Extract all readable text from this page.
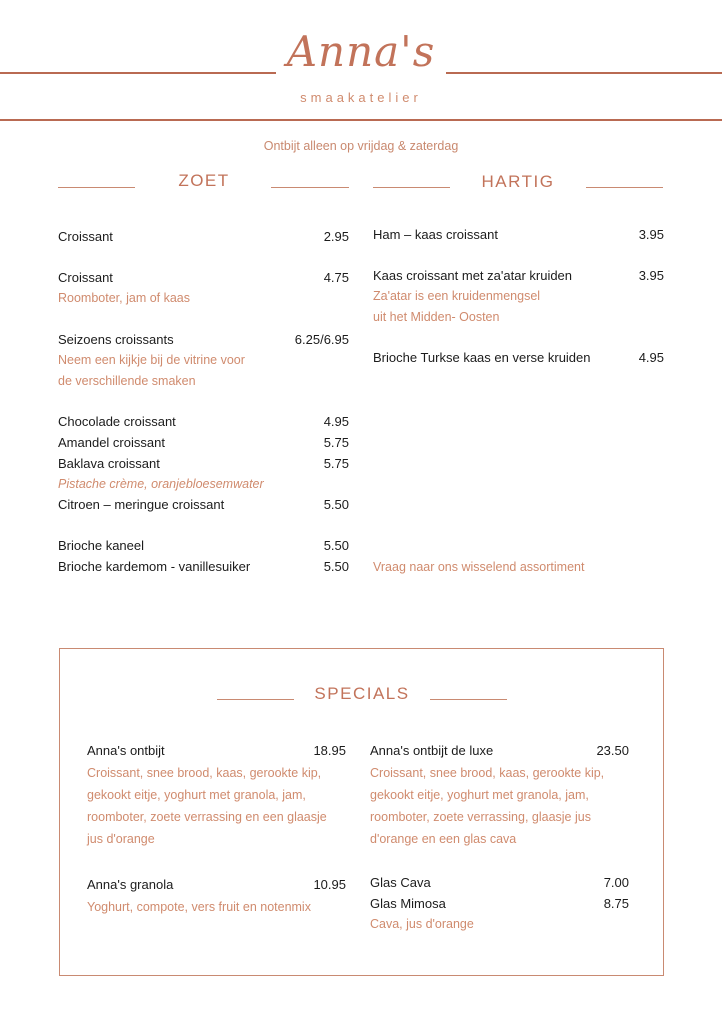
Anna's
smaakatelier
Ontbijt alleen op vrijdag & zaterdag
ZOET
Croissant	2.95
Croissant	4.75
Roomboter, jam of kaas
Seizoens croissants	6.25/6.95
Neem een kijkje bij de vitrine voor
de verschillende smaken
Chocolade croissant	4.95
Amandel croissant	5.75
Baklava croissant	5.75
Pistache crème, oranjebloesemwater
Citroen – meringue croissant	5.50
Brioche kaneel	5.50
Brioche kardemom - vanillesuiker	5.50
HARTIG
Ham – kaas croissant	3.95
Kaas croissant met za'atar kruiden	3.95
Za'atar is een kruidenmengsel
uit het Midden- Oosten
Brioche Turkse kaas en verse kruiden	4.95
Vraag naar ons wisselend assortiment
SPECIALS
Anna's ontbijt	18.95
Croissant, snee brood, kaas, gerookte kip,
gekookt eitje, yoghurt met granola, jam,
roomboter, zoete verrassing en een glaasje
jus d'orange
Anna's ontbijt de luxe	23.50
Croissant, snee brood, kaas, gerookte kip,
gekookt eitje, yoghurt met granola, jam,
roomboter, zoete verrassing, glaasje jus
d'orange en een glas cava
Anna's granola	10.95
Yoghurt, compote, vers fruit en notenmix
Glas Cava	7.00
Glas Mimosa	8.75
Cava, jus d'orange
